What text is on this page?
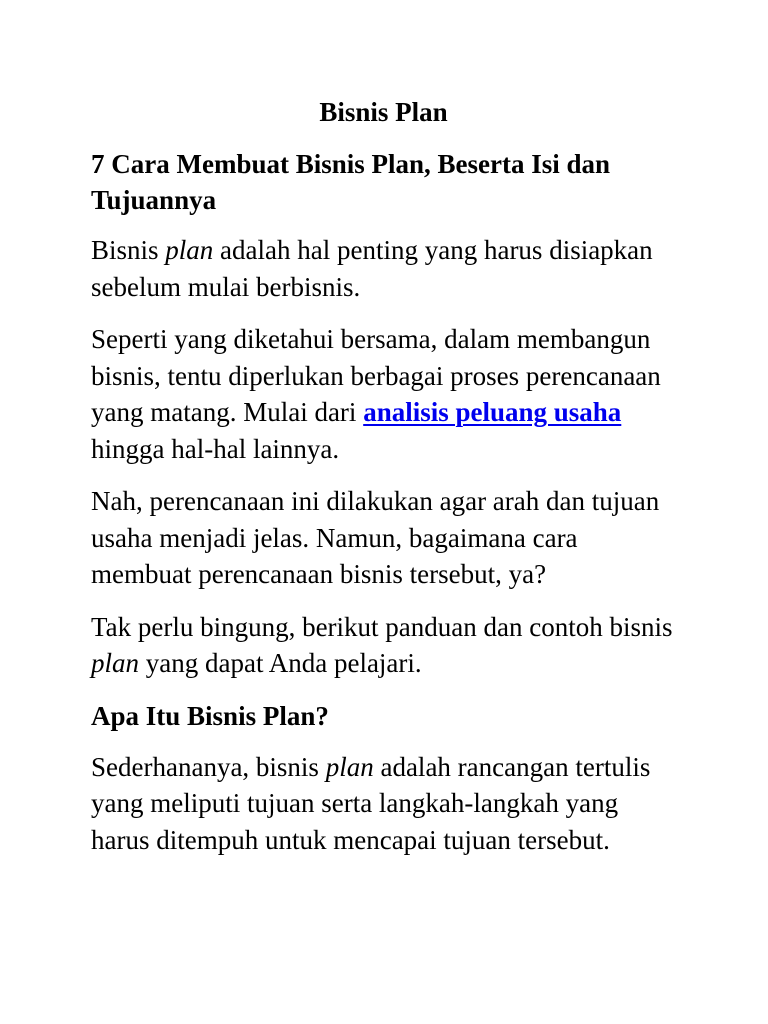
Bisnis Plan
7 Cara Membuat Bisnis Plan, Beserta Isi dan Tujuannya

Bisnis plan adalah hal penting yang harus disiapkan sebelum mulai berbisnis.

Seperti yang diketahui bersama, dalam membangun bisnis, tentu diperlukan berbagai proses perencanaan yang matang. Mulai dari analisis peluang usaha hingga hal-hal lainnya.

Nah, perencanaan ini dilakukan agar arah dan tujuan usaha menjadi jelas. Namun, bagaimana cara membuat perencanaan bisnis tersebut, ya?

Tak perlu bingung, berikut panduan dan contoh bisnis plan yang dapat Anda pelajari.

Apa Itu Bisnis Plan?

Sederhananya, bisnis plan adalah rancangan tertulis yang meliputi tujuan serta langkah-langkah yang harus ditempuh untuk mencapai tujuan tersebut.
